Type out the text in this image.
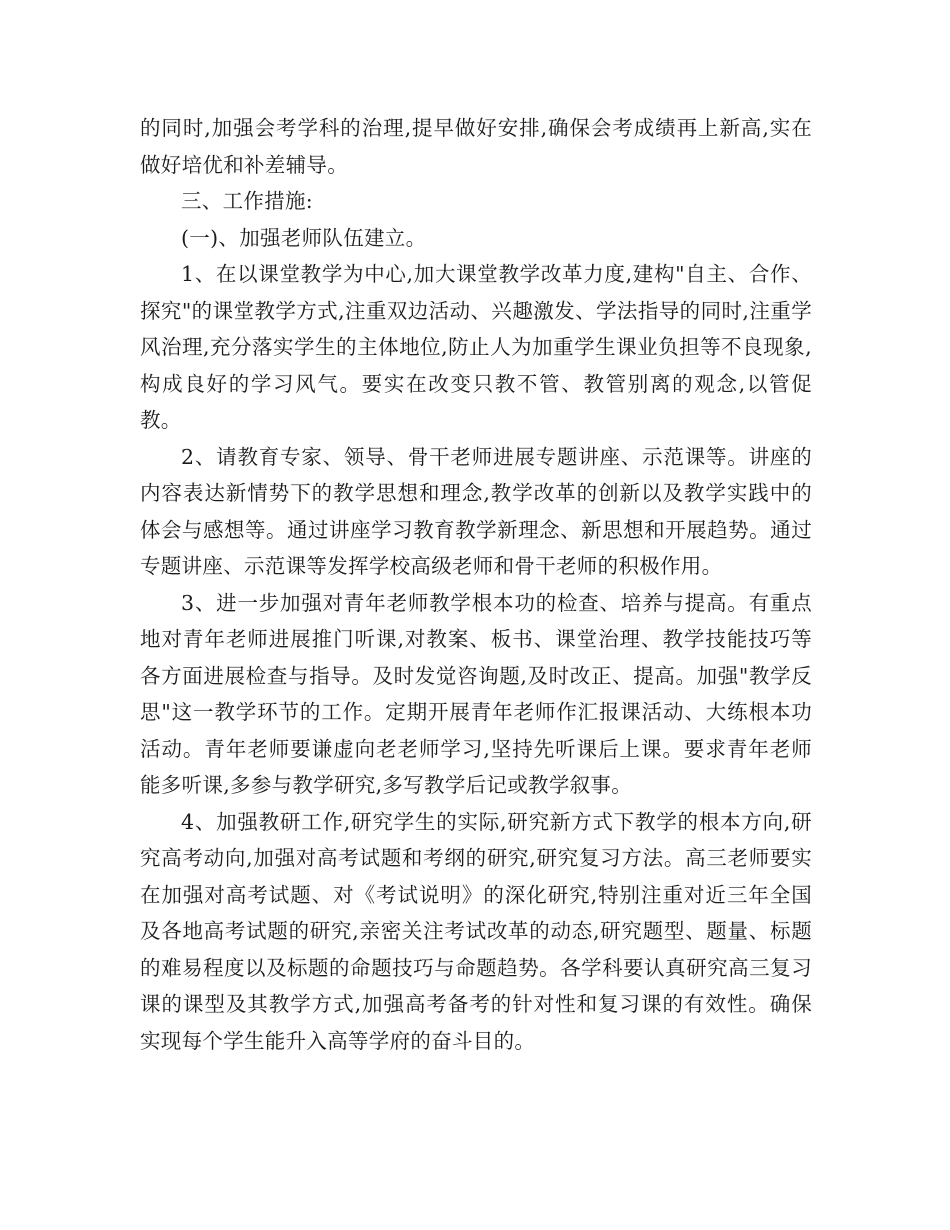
的同时,加强会考学科的治理,提早做好安排,确保会考成绩再上新高,实在做好培优和补差辅导。

三、工作措施:

(一)、加强老师队伍建立。

1、在以课堂教学为中心,加大课堂教学改革力度,建构"自主、合作、探究"的课堂教学方式,注重双边活动、兴趣激发、学法指导的同时,注重学风治理,充分落实学生的主体地位,防止人为加重学生课业负担等不良现象,构成良好的学习风气。要实在改变只教不管、教管别离的观念,以管促教。

2、请教育专家、领导、骨干老师进展专题讲座、示范课等。讲座的内容表达新情势下的教学思想和理念,教学改革的创新以及教学实践中的体会与感想等。通过讲座学习教育教学新理念、新思想和开展趋势。通过专题讲座、示范课等发挥学校高级老师和骨干老师的积极作用。

3、进一步加强对青年老师教学根本功的检查、培养与提高。有重点地对青年老师进展推门听课,对教案、板书、课堂治理、教学技能技巧等各方面进展检查与指导。及时发觉咨询题,及时改正、提高。加强"教学反思"这一教学环节的工作。定期开展青年老师作汇报课活动、大练根本功活动。青年老师要谦虚向老老师学习,坚持先听课后上课。要求青年老师能多听课,多参与教学研究,多写教学后记或教学叙事。

4、加强教研工作,研究学生的实际,研究新方式下教学的根本方向,研究高考动向,加强对高考试题和考纲的研究,研究复习方法。高三老师要实在加强对高考试题、对《考试说明》的深化研究,特别注重对近三年全国及各地高考试题的研究,亲密关注考试改革的动态,研究题型、题量、标题的难易程度以及标题的命题技巧与命题趋势。各学科要认真研究高三复习课的课型及其教学方式,加强高考备考的针对性和复习课的有效性。确保实现每个学生能升入高等学府的奋斗目的。
